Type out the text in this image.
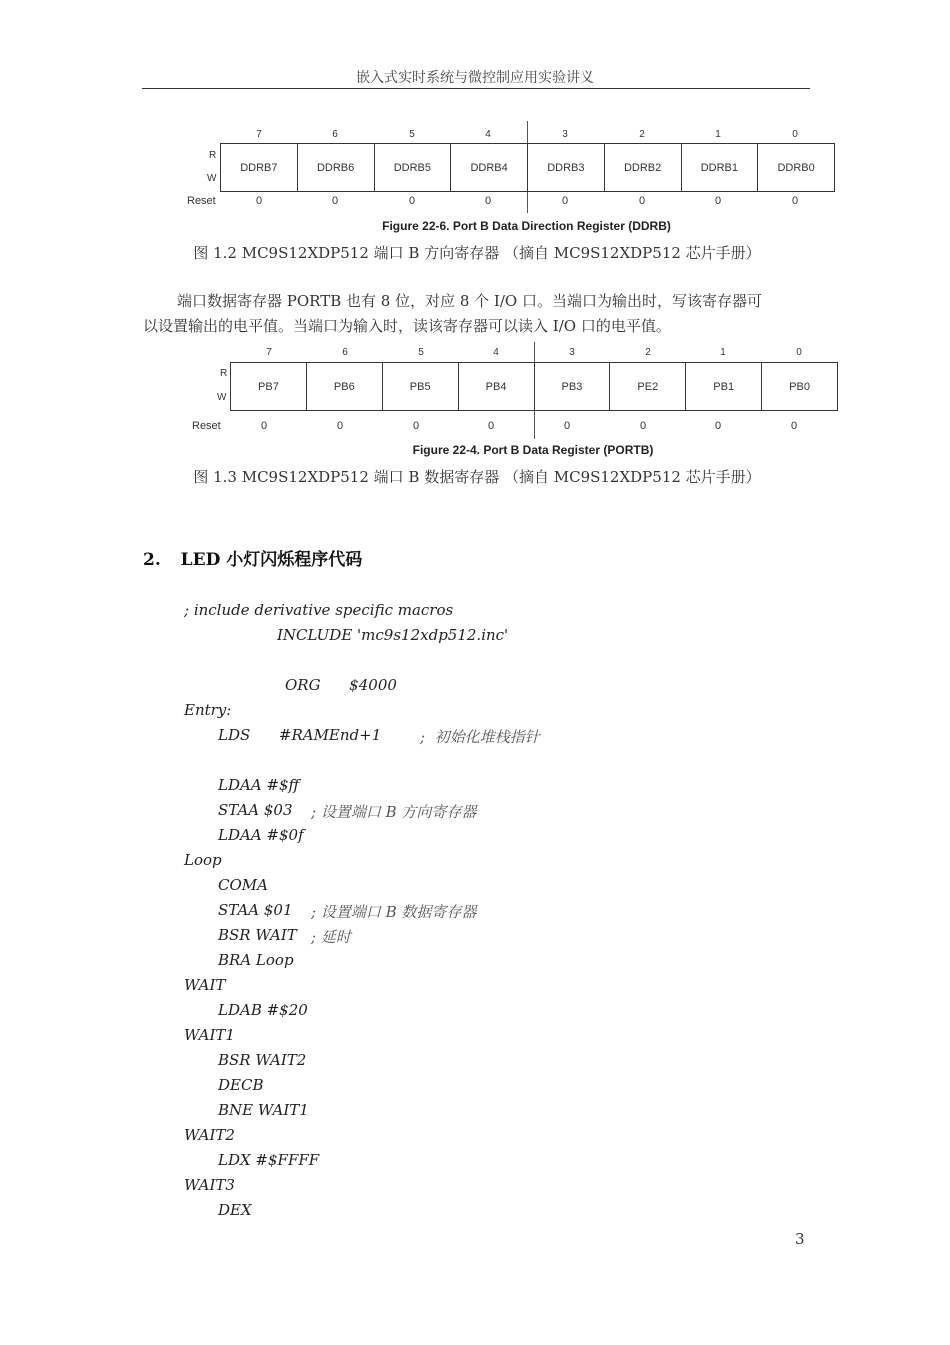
嵌入式实时系统与微控制应用实验讲义
7	6	5	4	3	2	1	0
R
W
DDRB7	DDRB6	DDRB5	DDRB4	DDRB3	DDRB2	DDRB1	DDRB0
Reset	0	0	0	0	0	0	0	0
Figure 22-6. Port B Data Direction Register (DDRB)
图 1.2 MC9S12XDP512 端口 B 方向寄存器 （摘自 MC9S12XDP512 芯片手册）
端口数据寄存器 PORTB 也有 8 位，对应 8 个 I/O 口。当端口为输出时，写该寄存器可
以设置输出的电平值。当端口为输入时，读该寄存器可以读入 I/O 口的电平值。
7	6	5	4	3	2	1	0
R
W
PB7	PB6	PB5	PB4	PB3	PE2	PB1	PB0
Reset	0	0	0	0	0	0	0	0
Figure 22-4. Port B Data Register (PORTB)
图 1.3 MC9S12XDP512 端口 B 数据寄存器 （摘自 MC9S12XDP512 芯片手册）
2. LED 小灯闪烁程序代码
; include derivative specific macros
INCLUDE 'mc9s12xdp512.inc'
ORG      $4000
Entry:
LDS      #RAMEnd+1	;  初始化堆栈指针
LDAA #$ff
STAA $03 ; 设置端口 B 方向寄存器
LDAA #$0f
Loop
COMA
STAA $01 ; 设置端口 B 数据寄存器
BSR WAIT ; 延时
BRA Loop
WAIT
LDAB #$20
WAIT1
BSR WAIT2
DECB
BNE WAIT1
WAIT2
LDX #$FFFF
WAIT3
DEX
3
